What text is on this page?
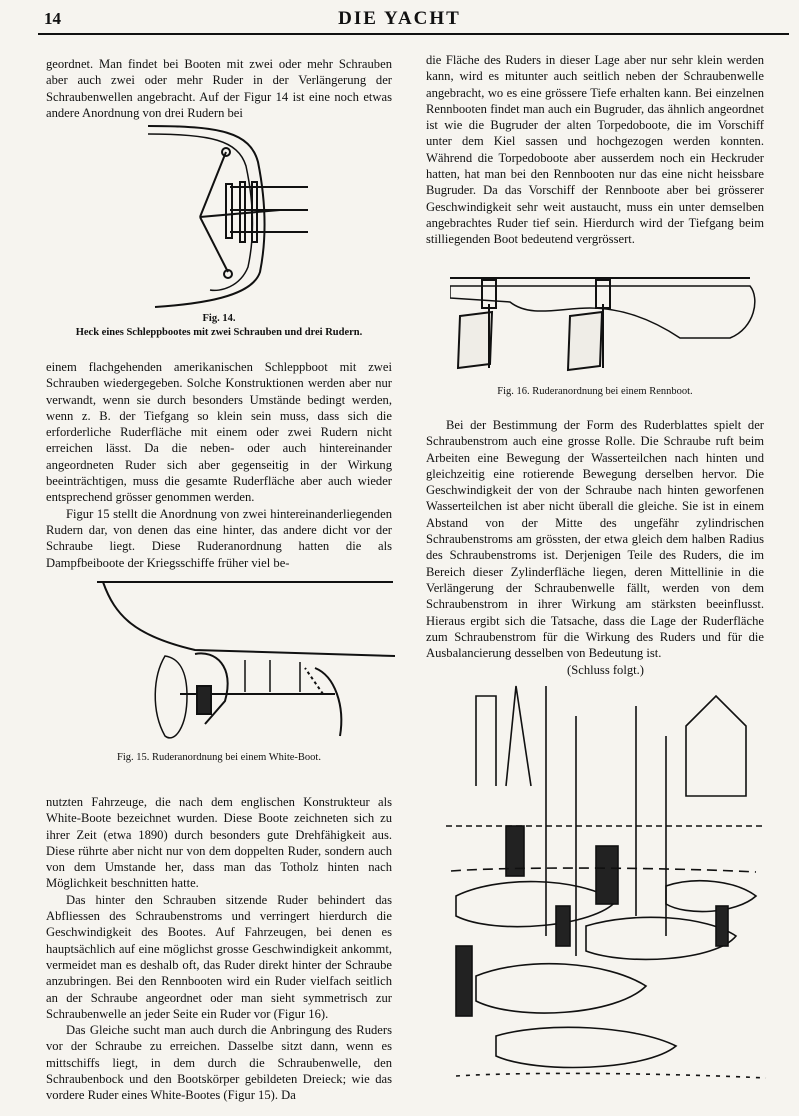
14	DIE YACHT

geordnet. Man findet bei Booten mit zwei oder mehr Schrauben aber auch zwei oder mehr Ruder in der Verlängerung der Schraubenwellen angebracht. Auf der Figur 14 ist eine noch etwas andere Anordnung von drei Rudern bei

Fig. 14.
Heck eines Schleppbootes mit zwei Schrauben und drei Rudern.

einem flachgehenden amerikanischen Schleppboot mit zwei Schrauben wiedergegeben. Solche Konstruktionen werden aber nur verwandt, wenn sie durch besonders Umstände bedingt werden, wenn z. B. der Tiefgang so klein sein muss, dass sich die erforderliche Ruderfläche mit einem oder zwei Rudern nicht erreichen lässt. Da die neben- oder auch hintereinander angeordneten Ruder sich aber gegenseitig in der Wirkung beeinträchtigen, muss die gesamte Ruderfläche aber auch wieder entsprechend grösser genommen werden.

Figur 15 stellt die Anordnung von zwei hintereinanderliegenden Rudern dar, von denen das eine hinter, das andere dicht vor der Schraube liegt. Diese Ruderanordnung hatten die als Dampfbeiboote der Kriegsschiffe früher viel be-

Fig. 15. Ruderanordnung bei einem White-Boot.

nutzten Fahrzeuge, die nach dem englischen Konstrukteur als White-Boote bezeichnet wurden. Diese Boote zeichneten sich zu ihrer Zeit (etwa 1890) durch besonders gute Drehfähigkeit aus. Diese rührte aber nicht nur von dem doppelten Ruder, sondern auch von dem Umstande her, dass man das Totholz hinten nach Möglichkeit beschnitten hatte.

Das hinter den Schrauben sitzende Ruder behindert das Abfliessen des Schraubenstroms und verringert hierdurch die Geschwindigkeit des Bootes. Auf Fahrzeugen, bei denen es hauptsächlich auf eine möglichst grosse Geschwindigkeit ankommt, vermeidet man es deshalb oft, das Ruder direkt hinter der Schraube anzubringen. Bei den Rennbooten wird ein Ruder vielfach seitlich an der Schraube angeordnet oder man sieht symmetrisch zur Schraubenwelle an jeder Seite ein Ruder vor (Figur 16).

Das Gleiche sucht man auch durch die Anbringung des Ruders vor der Schraube zu erreichen. Dasselbe sitzt dann, wenn es mittschiffs liegt, in dem durch die Schraubenwelle, den Schraubenbock und den Bootskörper gebildeten Dreieck; wie das vordere Ruder eines White-Bootes (Figur 15). Da

die Fläche des Ruders in dieser Lage aber nur sehr klein werden kann, wird es mitunter auch seitlich neben der Schraubenwelle angebracht, wo es eine grössere Tiefe erhalten kann. Bei einzelnen Rennbooten findet man auch ein Bugruder, das ähnlich angeordnet ist wie die Bugruder der alten Torpedoboote, die im Vorschiff unter dem Kiel sassen und hochgezogen werden konnten. Während die Torpedoboote aber ausserdem noch ein Heckruder hatten, hat man bei den Rennbooten nur das eine nicht heissbare Bugruder. Da das Vorschiff der Rennboote aber bei grösserer Geschwindigkeit sehr weit austaucht, muss ein unter demselben angebrachtes Ruder tief sein. Hierdurch wird der Tiefgang beim stilliegenden Boot bedeutend vergrössert.

Fig. 16. Ruderanordnung bei einem Rennboot.

Bei der Bestimmung der Form des Ruderblattes spielt der Schraubenstrom auch eine grosse Rolle. Die Schraube ruft beim Arbeiten eine Bewegung der Wasserteilchen nach hinten und gleichzeitig eine rotierende Bewegung derselben hervor. Die Geschwindigkeit der von der Schraube nach hinten geworfenen Wasserteilchen ist aber nicht überall die gleiche. Sie ist in einem Abstand von der Mitte des ungefähr zylindrischen Schraubenstroms am grössten, der etwa gleich dem halben Radius des Schraubenstroms ist. Derjenigen Teile des Ruders, die im Bereich dieser Zylinderfläche liegen, deren Mittellinie in die Verlängerung der Schraubenwelle fällt, werden von dem Schraubenstrom in ihrer Wirkung am stärksten beeinflusst. Hieraus ergibt sich die Tatsache, dass die Lage der Ruderfläche zum Schraubenstrom für die Wirkung des Ruders und für die Ausbalancierung desselben von Bedeutung ist.

(Schluss folgt.)
